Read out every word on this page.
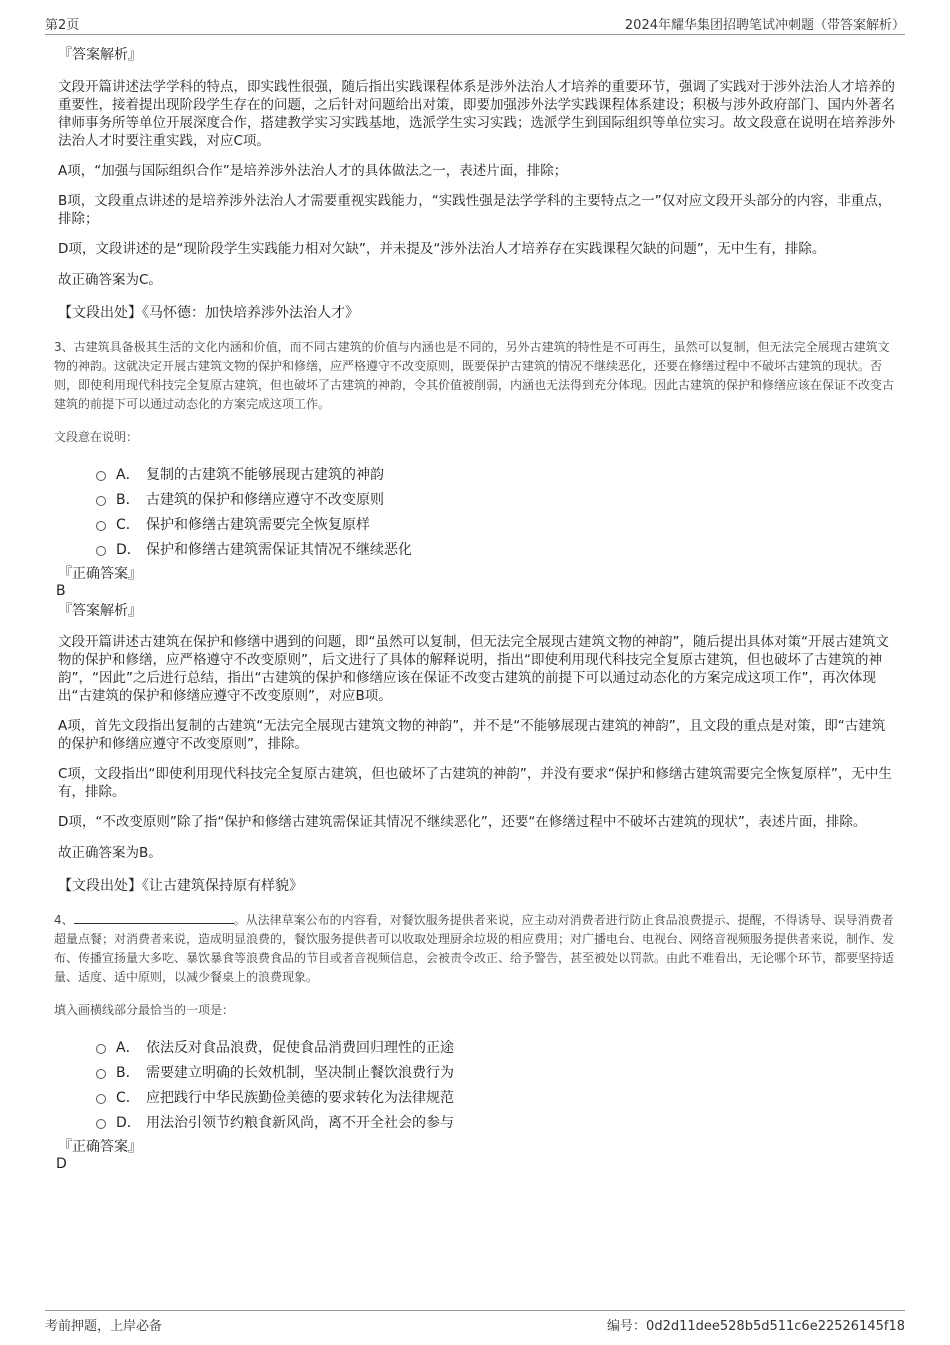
第2页	2024年耀华集团招聘笔试冲刺题（带答案解析）
『答案解析』

文段开篇讲述法学学科的特点，即实践性很强，随后指出实践课程体系是涉外法治人才培养的重要环节，强调了实践对于涉外法治人才培养的重要性，接着提出现阶段学生存在的问题，之后针对问题给出对策，即要加强涉外法学实践课程体系建设；积极与涉外政府部门、国内外著名律师事务所等单位开展深度合作，搭建教学实习实践基地，选派学生实习实践；选派学生到国际组织等单位实习。故文段意在说明在培养涉外法治人才时要注重实践，对应C项。

A项，“加强与国际组织合作”是培养涉外法治人才的具体做法之一，表述片面，排除；

B项，文段重点讲述的是培养涉外法治人才需要重视实践能力，“实践性强是法学学科的主要特点之一”仅对应文段开头部分的内容，非重点，排除；

D项，文段讲述的是“现阶段学生实践能力相对欠缺”，并未提及“涉外法治人才培养存在实践课程欠缺的问题”，无中生有，排除。

故正确答案为C。

【文段出处】《马怀德：加快培养涉外法治人才》

3、古建筑具备极其生活的文化内涵和价值，而不同古建筑的价值与内涵也是不同的，另外古建筑的特性是不可再生，虽然可以复制，但无法完全展现古建筑文物的神韵。这就决定开展古建筑文物的保护和修缮，应严格遵守不改变原则，既要保护古建筑的情况不继续恶化，还要在修缮过程中不破坏古建筑的现状。否则，即使利用现代科技完全复原古建筑，但也破坏了古建筑的神韵，令其价值被削弱，内涵也无法得到充分体现。因此古建筑的保护和修缮应该在保证不改变古建筑的前提下可以通过动态化的方案完成这项工作。

文段意在说明：

A． 复制的古建筑不能够展现古建筑的神韵
B． 古建筑的保护和修缮应遵守不改变原则
C． 保护和修缮古建筑需要完全恢复原样
D． 保护和修缮古建筑需保证其情况不继续恶化
『正确答案』
B
『答案解析』

文段开篇讲述古建筑在保护和修缮中遇到的问题，即“虽然可以复制，但无法完全展现古建筑文物的神韵”，随后提出具体对策“开展古建筑文物的保护和修缮，应严格遵守不改变原则”，后文进行了具体的解释说明，指出“即使利用现代科技完全复原古建筑，但也破坏了古建筑的神韵”，“因此”之后进行总结，指出“古建筑的保护和修缮应该在保证不改变古建筑的前提下可以通过动态化的方案完成这项工作”，再次体现出“古建筑的保护和修缮应遵守不改变原则”，对应B项。

A项，首先文段指出复制的古建筑“无法完全展现古建筑文物的神韵”，并不是“不能够展现古建筑的神韵”，且文段的重点是对策，即“古建筑的保护和修缮应遵守不改变原则”，排除。

C项，文段指出“即使利用现代科技完全复原古建筑，但也破坏了古建筑的神韵”，并没有要求“保护和修缮古建筑需要完全恢复原样”，无中生有，排除。

D项，“不改变原则”除了指“保护和修缮古建筑需保证其情况不继续恶化”，还要“在修缮过程中不破坏古建筑的现状”，表述片面，排除。

故正确答案为B。

【文段出处】《让古建筑保持原有样貌》

4、	。从法律草案公布的内容看，对餐饮服务提供者来说，应主动对消费者进行防止食品浪费提示、提醒，不得诱导、误导消费者超量点餐；对消费者来说，造成明显浪费的，餐饮服务提供者可以收取处理厨余垃圾的相应费用；对广播电台、电视台、网络音视频服务提供者来说，制作、发布、传播宣扬量大多吃、暴饮暴食等浪费食品的节目或者音视频信息，会被责令改正、给予警告，甚至被处以罚款。由此不难看出，无论哪个环节，都要坚持适量、适度、适中原则，以减少餐桌上的浪费现象。

填入画横线部分最恰当的一项是：

A． 依法反对食品浪费，促使食品消费回归理性的正途
B． 需要建立明确的长效机制，坚决制止餐饮浪费行为
C． 应把践行中华民族勤俭美德的要求转化为法律规范
D． 用法治引领节约粮食新风尚，离不开全社会的参与
『正确答案』
D
考前押题，上岸必备	编号：0d2d11dee528b5d511c6e22526145f18
